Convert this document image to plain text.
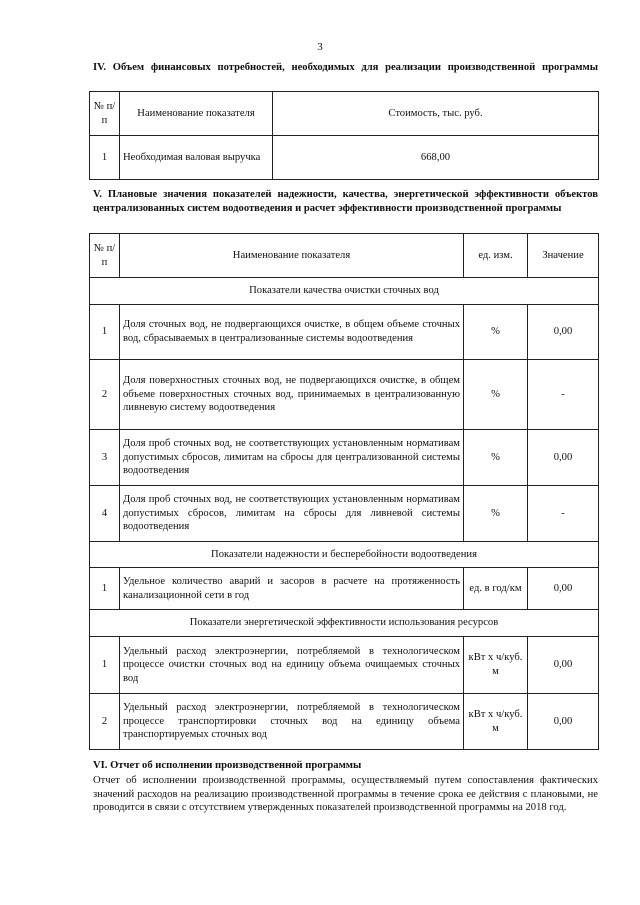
3
IV. Объем финансовых потребностей, необходимых для реализации производственной программы
№ п/п	Наименование показателя	Стоимость, тыс. руб.
1	Необходимая валовая выручка	668,00
V. Плановые значения показателей надежности, качества, энергетической эффективности объектов централизованных систем водоотведения и расчет эффективности производственной программы
№ п/п	Наименование показателя	ед. изм.	Значение
Показатели качества очистки сточных вод			
1	Доля сточных вод, не подвергающихся очистке, в общем объеме сточных вод, сбрасываемых в централизованные системы водоотведения	%	0,00
2	Доля поверхностных сточных вод, не подвергающихся очистке, в общем объеме поверхностных сточных вод, принимаемых в централизованную ливневую систему водоотведения	%	-
3	Доля проб сточных вод, не соответствующих установленным нормативам допустимых сбросов, лимитам на сбросы для централизованной системы водоотведения	%	0,00
4	Доля проб сточных вод, не соответствующих установленным нормативам допустимых сбросов, лимитам на сбросы для ливневой системы водоотведения	%	-
Показатели надежности и бесперебойности водоотведения			
1	Удельное количество аварий и засоров в расчете на протяженность канализационной сети в год	ед. в год/км	0,00
Показатели энергетической эффективности использования ресурсов			
1	Удельный расход электроэнергии, потребляемой в технологическом процессе очистки сточных вод на единицу объема очищаемых сточных вод	кВт х ч/куб. м	0,00
2	Удельный расход электроэнергии, потребляемой в технологическом процессе транспортировки сточных вод на единицу объема транспортируемых сточных вод	кВт х ч/куб. м	0,00
VI. Отчет об исполнении производственной программы
Отчет об исполнении производственной программы, осуществляемый путем сопоставления фактических значений расходов на реализацию производственной программы в течение срока ее действия с плановыми, не проводится в связи с отсутствием утвержденных показателей производственной программы на 2018 год.
